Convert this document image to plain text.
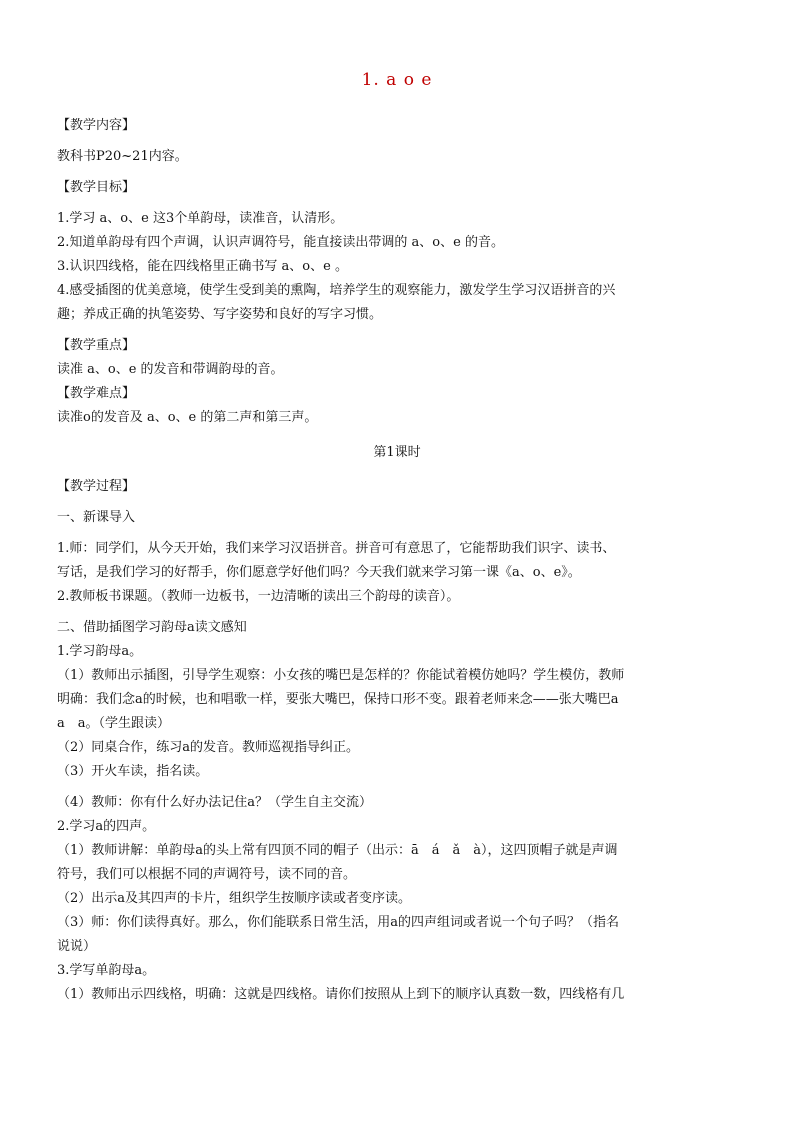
1. a o e
【教学内容】
教科书P20~21内容。
【教学目标】
1.学习 a、o、e 这3个单韵母，读准音，认清形。
2.知道单韵母有四个声调，认识声调符号，能直接读出带调的 a、o、e 的音。
3.认识四线格，能在四线格里正确书写 a、o、e 。
4.感受插图的优美意境，使学生受到美的熏陶，培养学生的观察能力，激发学生学习汉语拼音的兴
趣；养成正确的执笔姿势、写字姿势和良好的写字习惯。
【教学重点】
读准 a、o、e 的发音和带调韵母的音。
【教学难点】
读准o的发音及 a、o、e 的第二声和第三声。
第1课时
【教学过程】
一、新课导入
1.师：同学们，从今天开始，我们来学习汉语拼音。拼音可有意思了，它能帮助我们识字、读书、
写话，是我们学习的好帮手，你们愿意学好他们吗？今天我们就来学习第一课《a、o、e》。
2.教师板书课题。（教师一边板书，一边清晰的读出三个韵母的读音）。
二、借助插图学习韵母a读文感知
1.学习韵母a。
（1）教师出示插图，引导学生观察：小女孩的嘴巴是怎样的？你能试着模仿她吗？学生模仿，教师
明确：我们念a的时候，也和唱歌一样，要张大嘴巴，保持口形不变。跟着老师来念——张大嘴巴a
a　a。（学生跟读）
（2）同桌合作，练习a的发音。教师巡视指导纠正。
（3）开火车读，指名读。
（4）教师：你有什么好办法记住a？（学生自主交流）
2.学习a的四声。
（1）教师讲解：单韵母a的头上常有四顶不同的帽子（出示：ā　á　ǎ　à），这四顶帽子就是声调
符号，我们可以根据不同的声调符号，读不同的音。
（2）出示a及其四声的卡片，组织学生按顺序读或者变序读。
（3）师：你们读得真好。那么，你们能联系日常生活，用a的四声组词或者说一个句子吗？（指名
说说）
3.学写单韵母a。
（1）教师出示四线格，明确：这就是四线格。请你们按照从上到下的顺序认真数一数，四线格有几
